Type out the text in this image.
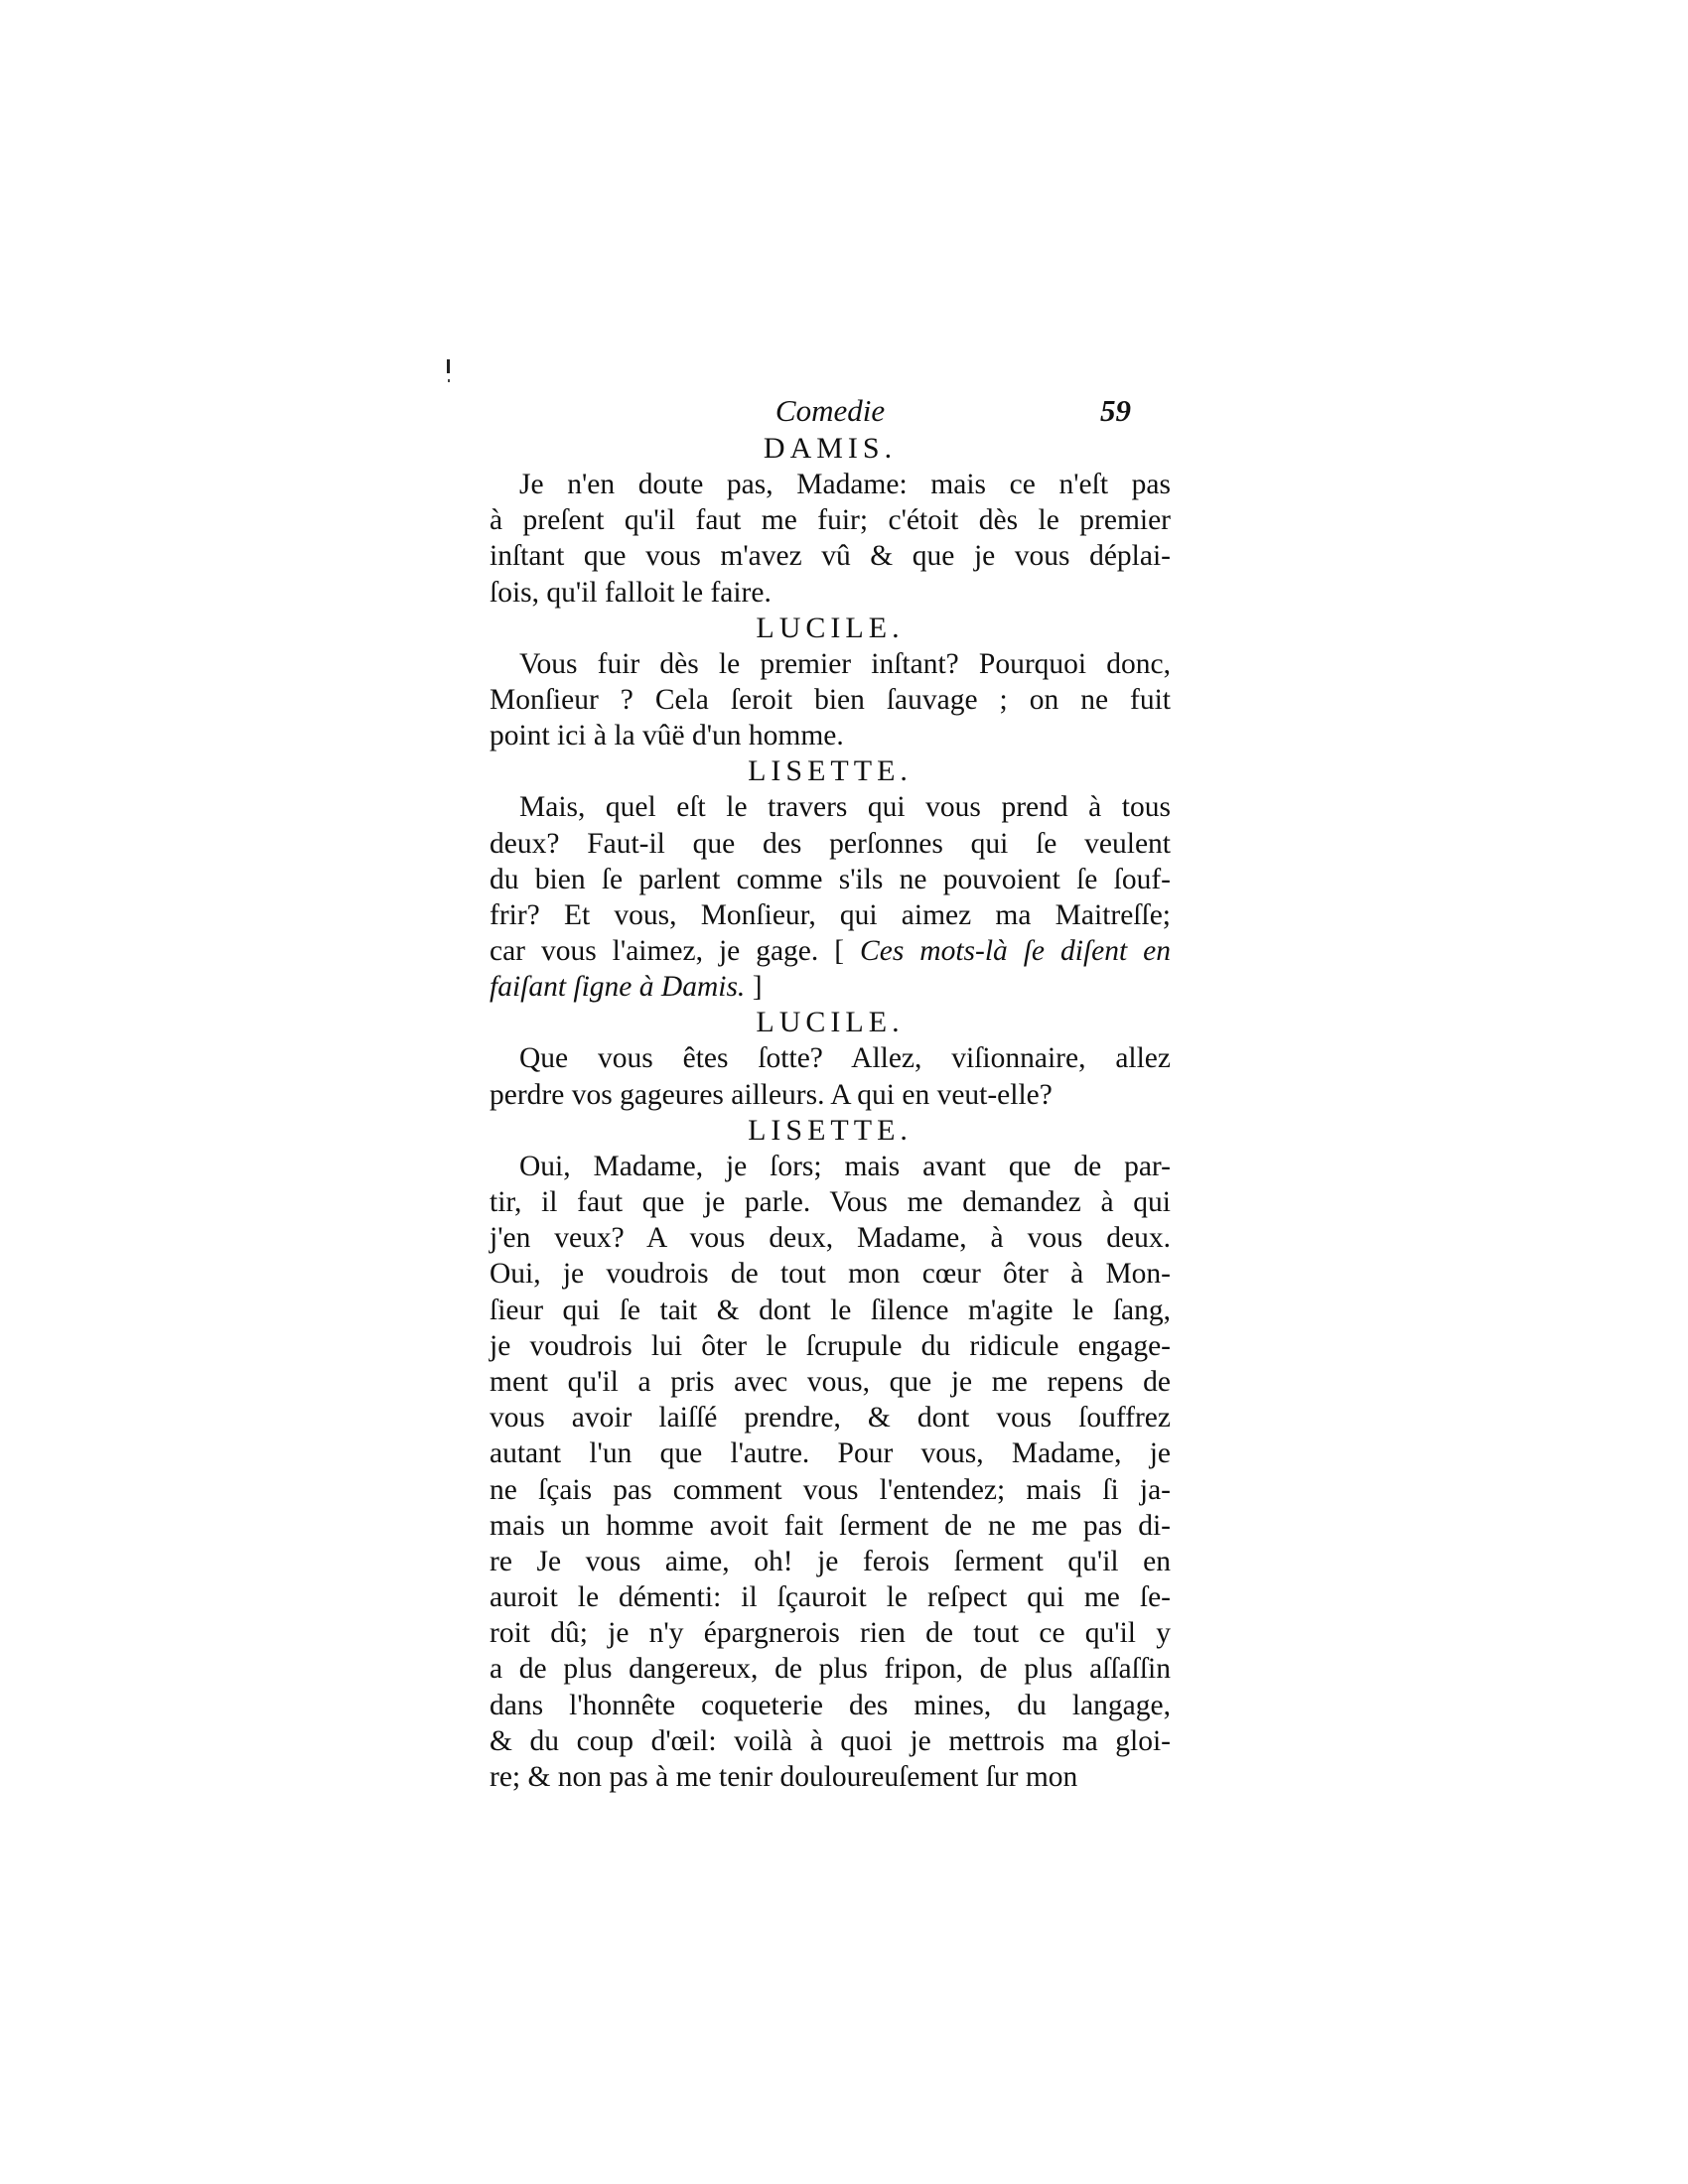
Comedie	59
DAMIS.
Je n'en doute pas, Madame: mais ce n'eſt pas
à preſent qu'il faut me fuir; c'étoit dès le premier
inſtant que vous m'avez vû & que je vous déplai-
ſois, qu'il falloit le faire.
LUCILE.
Vous fuir dès le premier inſtant? Pourquoi donc,
Monſieur ? Cela ſeroit bien ſauvage ; on ne fuit
point ici à la vûë d'un homme.
LISETTE.
Mais, quel eſt le travers qui vous prend à tous
deux? Faut-il que des perſonnes qui ſe veulent
du bien ſe parlent comme s'ils ne pouvoient ſe ſouf-
frir? Et vous, Monſieur, qui aimez ma Maitreſſe;
car vous l'aimez, je gage. [ Ces mots-là ſe diſent en
faiſant ſigne à Damis. ]
LUCILE.
Que vous êtes ſotte? Allez, viſionnaire, allez
perdre vos gageures ailleurs. A qui en veut-elle?
LISETTE.
Oui, Madame, je ſors; mais avant que de par-
tir, il faut que je parle. Vous me demandez à qui
j'en veux? A vous deux, Madame, à vous deux.
Oui, je voudrois de tout mon cœur ôter à Mon-
ſieur qui ſe tait & dont le ſilence m'agite le ſang,
je voudrois lui ôter le ſcrupule du ridicule engage-
ment qu'il a pris avec vous, que je me repens de
vous avoir laiſſé prendre, & dont vous ſouffrez
autant l'un que l'autre. Pour vous, Madame, je
ne ſçais pas comment vous l'entendez; mais ſi ja-
mais un homme avoit fait ſerment de ne me pas di-
re Je vous aime, oh! je ferois ſerment qu'il en
auroit le démenti: il ſçauroit le reſpect qui me ſe-
roit dû; je n'y épargnerois rien de tout ce qu'il y
a de plus dangereux, de plus fripon, de plus aſſaſſin
dans l'honnête coqueterie des mines, du langage,
& du coup d'œil: voilà à quoi je mettrois ma gloi-
re; & non pas à me tenir douloureuſement ſur mon
